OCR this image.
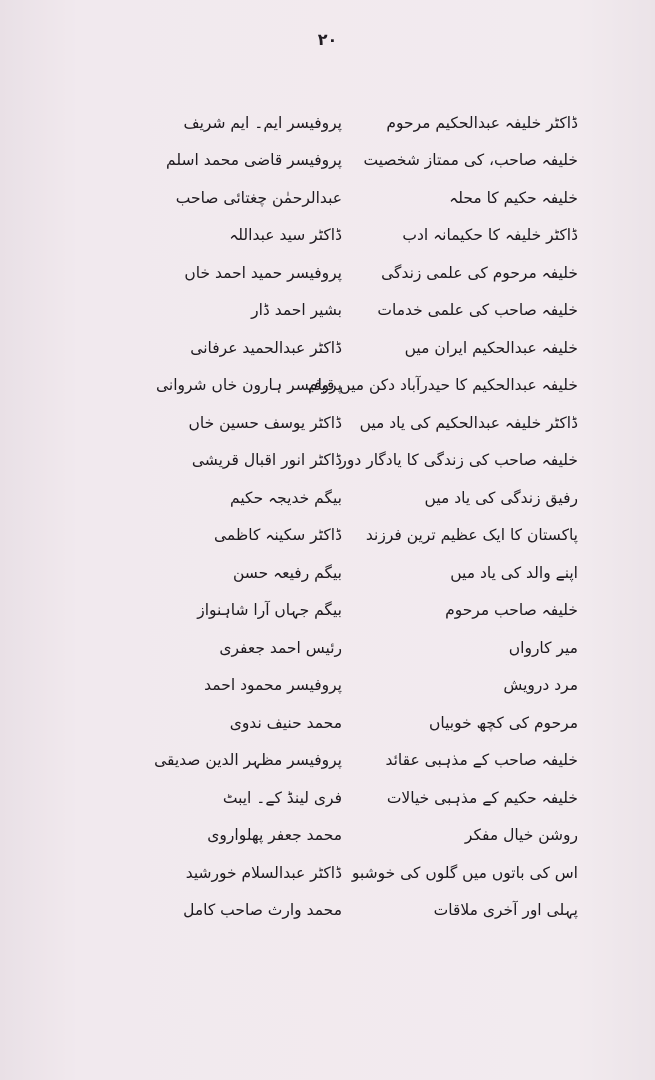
۲۰
ڈاکٹر خلیفہ عبدالحکیم مرحوم
پروفیسر ایم۔ ایم شریف
خلیفہ صاحب، کی ممتاز شخصیت
پروفیسر قاضی محمد اسلم
خلیفہ حکیم کا محلہ
عبدالرحمٰن چغتائی صاحب
ڈاکٹر خلیفہ کا حکیمانہ ادب
ڈاکٹر سید عبداللہ
خلیفہ مرحوم کی علمی زندگی
پروفیسر حمید احمد خاں
خلیفہ صاحب کی علمی خدمات
بشیر احمد ڈار
خلیفہ عبدالحکیم ایران میں
ڈاکٹر عبدالحمید عرفانی
خلیفہ عبدالحکیم کا حیدرآباد دکن میں قیام
پروفیسر ہارون خاں شروانی
ڈاکٹر خلیفہ عبدالحکیم کی یاد میں
ڈاکٹر یوسف حسین خاں
خلیفہ صاحب کی زندگی کا یادگار دور
ڈاکٹر انور اقبال قریشی
رفیق زندگی کی یاد میں
بیگم خدیجہ حکیم
پاکستان کا ایک عظیم ترین فرزند
ڈاکٹر سکینہ کاظمی
اپنے والد کی یاد میں
بیگم رفیعہ حسن
خلیفہ صاحب مرحوم
بیگم جہاں آرا شاہنواز
میر کارواں
رئیس احمد جعفری
مرد درویش
پروفیسر محمود احمد
مرحوم کی کچھ خوبیاں
محمد حنیف ندوی
خلیفہ صاحب کے مذہبی عقائد
پروفیسر مظہر الدین صدیقی
خلیفہ حکیم کے مذہبی خیالات
فری لینڈ کے۔ ایبٹ
روشن خیال مفکر
محمد جعفر پھلواروی
اس کی باتوں میں گلوں کی خوشبو
ڈاکٹر عبدالسلام خورشید
پہلی اور آخری ملاقات
محمد وارث صاحب کامل
